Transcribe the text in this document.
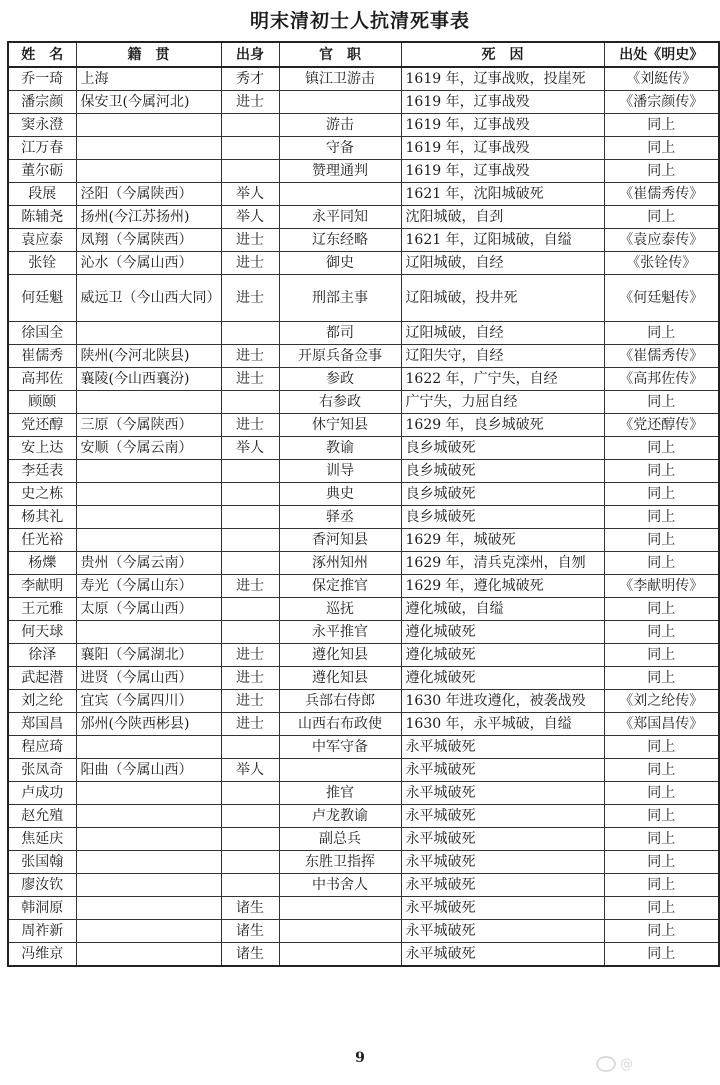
明末清初士人抗清死事表
姓　名	籍　贯	出身	官　职	死　因	出处《明史》
乔一琦	上海	秀才	镇江卫游击	1619 年，辽事战败，投崖死	《刘綎传》
潘宗颜	保安卫(今属河北)	进士		1619 年，辽事战殁	《潘宗颜传》
窦永澄			游击	1619 年，辽事战殁	同上
江万春			守备	1619 年，辽事战殁	同上
董尔砺			赞理通判	1619 年，辽事战殁	同上
段展	泾阳（今属陕西）	举人		1621 年，沈阳城破死	《崔儒秀传》
陈辅尧	扬州(今江苏扬州)	举人	永平同知	沈阳城破，自刭	同上
袁应泰	凤翔（今属陕西）	进士	辽东经略	1621 年，辽阳城破，自缢	《袁应泰传》
张铨	沁水（今属山西）	进士	御史	辽阳城破，自经	《张铨传》
何廷魁	威远卫（今山西大同）	进士	刑部主事	辽阳城破，投井死	《何廷魁传》
徐国全			都司	辽阳城破，自经	同上
崔儒秀	陕州(今河北陕县)	进士	开原兵备佥事	辽阳失守，自经	《崔儒秀传》
高邦佐	襄陵(今山西襄汾)	进士	参政	1622 年，广宁失，自经	《高邦佐传》
顾颐			右参政	广宁失，力屈自经	同上
党还醇	三原（今属陕西）	进士	休宁知县	1629 年，良乡城破死	《党还醇传》
安上达	安顺（今属云南）	举人	教谕	良乡城破死	同上
李廷表			训导	良乡城破死	同上
史之栋			典史	良乡城破死	同上
杨其礼			驿丞	良乡城破死	同上
任光裕			香河知县	1629 年，城破死	同上
杨爍	贵州（今属云南）		涿州知州	1629 年，清兵克滦州，自刎	同上
李献明	寿光（今属山东）	进士	保定推官	1629 年，遵化城破死	《李献明传》
王元雅	太原（今属山西）		巡抚	遵化城破，自缢	同上
何天球			永平推官	遵化城破死	同上
徐泽	襄阳（今属湖北）	进士	遵化知县	遵化城破死	同上
武起潜	进贤（今属山西）	进士	遵化知县	遵化城破死	同上
刘之纶	宜宾（今属四川）	进士	兵部右侍郎	1630 年进攻遵化，被袭战殁	《刘之纶传》
郑国昌	邠州(今陕西彬县)	进士	山西右布政使	1630 年，永平城破，自缢	《郑国昌传》
程应琦			中军守备	永平城破死	同上
张凤奇	阳曲（今属山西）	举人		永平城破死	同上
卢成功			推官	永平城破死	同上
赵允殖			卢龙教谕	永平城破死	同上
焦延庆			副总兵	永平城破死	同上
张国翰			东胜卫指挥	永平城破死	同上
廖汝钦			中书舍人	永平城破死	同上
韩洞原		诸生		永平城破死	同上
周祚新		诸生		永平城破死	同上
冯维京		诸生		永平城破死	同上
9	@
